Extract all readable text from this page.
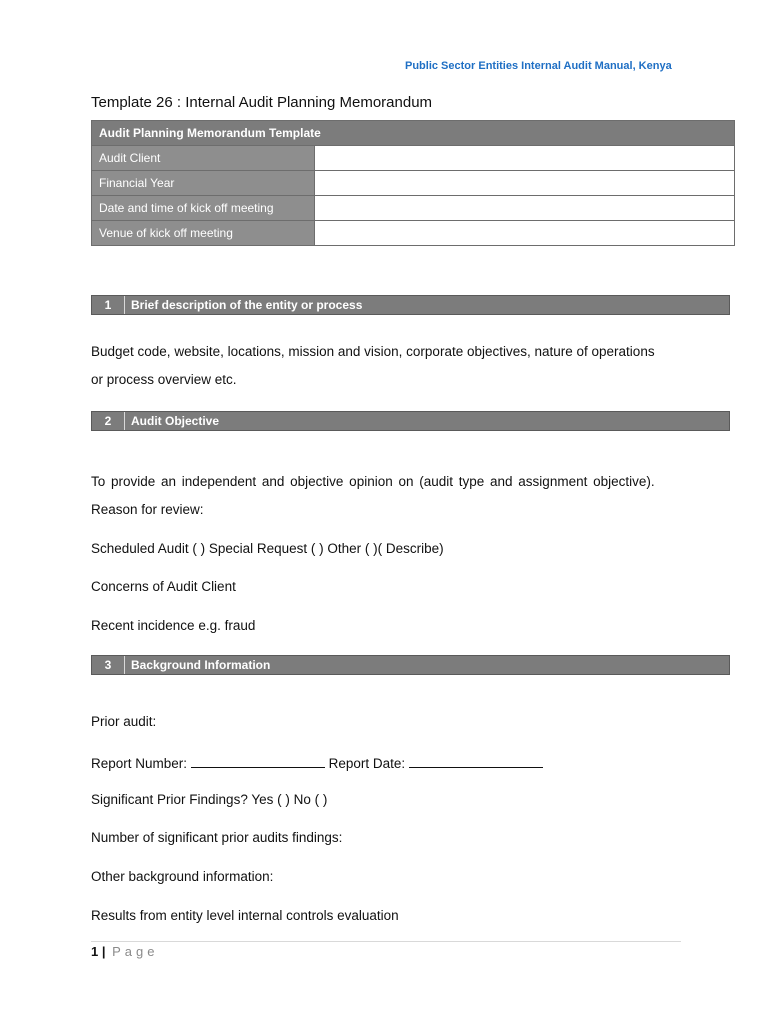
Public Sector Entities Internal Audit Manual, Kenya
Template 26 : Internal Audit Planning Memorandum
Audit Planning Memorandum Template	
Audit Client	
Financial Year	
Date and time of kick off meeting	
Venue of kick off meeting	
1	Brief description of the entity or process
Budget code, website, locations, mission and vision, corporate objectives, nature of operations
or process overview etc.
2	Audit Objective
To provide an independent and objective opinion on (audit type and assignment objective).
Reason for review:
Scheduled Audit ( ) Special Request ( ) Other ( )( Describe)
Concerns of Audit Client
Recent incidence e.g. fraud
3	Background Information
Prior audit:
Report Number:	Report Date:
Significant Prior Findings? Yes ( ) No ( )
Number of significant prior audits findings:
Other background information:
Results from entity level internal controls evaluation
1 | Page
